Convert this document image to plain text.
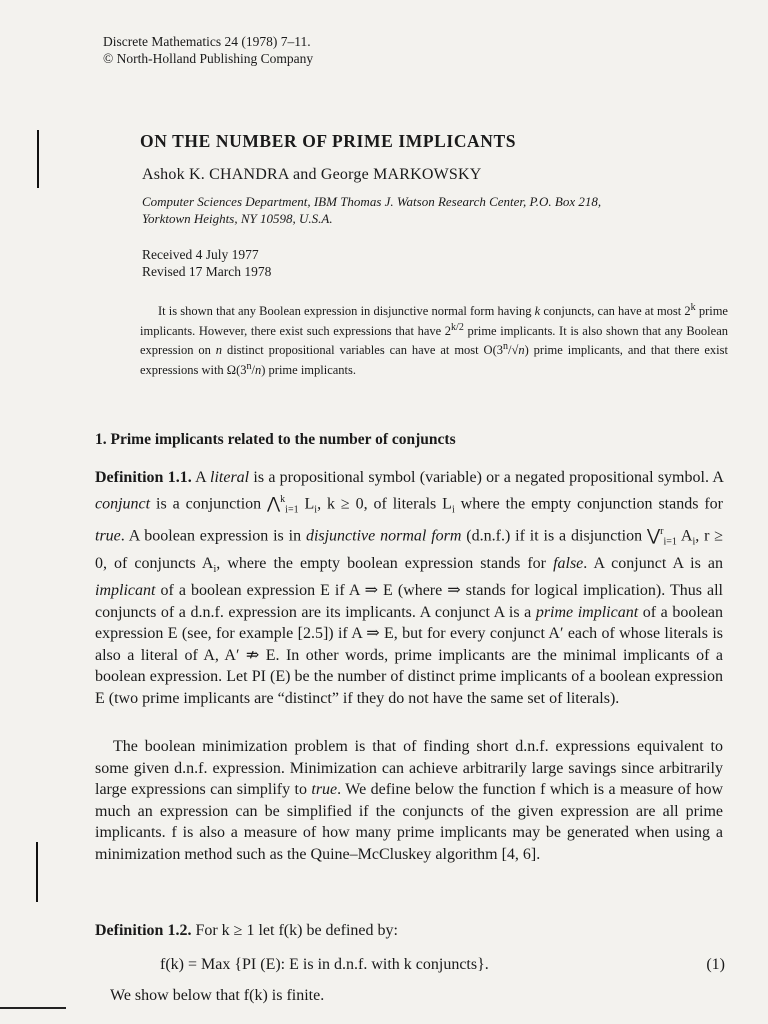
Discrete Mathematics 24 (1978) 7–11.
© North-Holland Publishing Company
ON THE NUMBER OF PRIME IMPLICANTS
Ashok K. CHANDRA and George MARKOWSKY
Computer Sciences Department, IBM Thomas J. Watson Research Center, P.O. Box 218,
Yorktown Heights, NY 10598, U.S.A.
Received 4 July 1977
Revised 17 March 1978

It is shown that any Boolean expression in disjunctive normal form having k conjuncts, can have at most 2$^k$ prime implicants. However, there exist such expressions that have $2^{k/2}$ prime implicants. It is also shown that any Boolean expression on n distinct propositional variables can have at most O(3$^n$/√n) prime implicants, and that there exist expressions with Ω(3$^n$/n) prime implicants.

1. Prime implicants related to the number of conjuncts

Definition 1.1. A literal is a propositional symbol (variable) or a negated propositional symbol. A conjunct is a conjunction ⋀$^k_{i=1}$ $L_i$, k ≥ 0, of literals $L_i$ where the empty conjunction stands for true. A boolean expression is in disjunctive normal form (d.n.f.) if it is a disjunction ⋁$^r_{i=1}$ $A_i$, r ≥ 0, of conjuncts $A_i$, where the empty boolean expression stands for false. A conjunct A is an implicant of a boolean expression E if A ⇒ E (where ⇒ stands for logical implication). Thus all conjuncts of a d.n.f. expression are its implicants. A conjunct A is a prime implicant of a boolean expression E (see, for example [2.5]) if A ⇒ E, but for every conjunct A′ each of whose literals is also a literal of A, A′ ⇏ E. In other words, prime implicants are the minimal implicants of a boolean expression. Let PI (E) be the number of distinct prime implicants of a boolean expression E (two prime implicants are “distinct” if they do not have the same set of literals).

The boolean minimization problem is that of finding short d.n.f. expressions equivalent to some given d.n.f. expression. Minimization can achieve arbitrarily large savings since arbitrarily large expressions can simplify to true. We define below the function f which is a measure of how much an expression can be simplified if the conjuncts of the given expression are all prime implicants. f is also a measure of how many prime implicants may be generated when using a minimization method such as the Quine–McCluskey algorithm [4, 6].

Definition 1.2. For k ≥ 1 let f(k) be defined by:
f(k) = Max {PI (E): E is in d.n.f. with k conjuncts}.	(1)
We show below that f(k) is finite.
